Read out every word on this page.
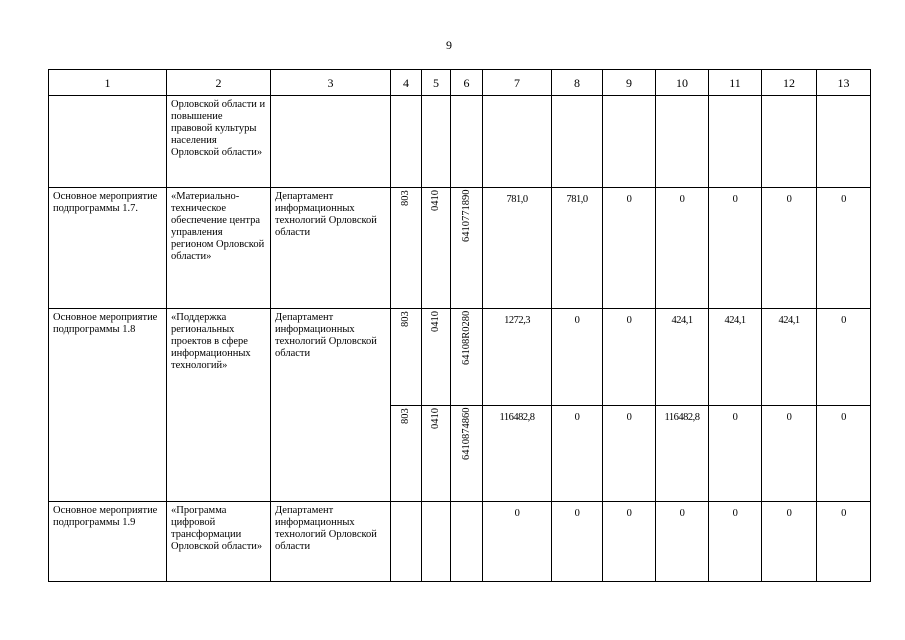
9
1	2	3	4	5	6	7	8	9	10	11	12	13
	Орловской области и повышение правовой культуры населения Орловской области»											
Основное мероприятие подпрограммы 1.7.	«Материально-техническое обеспечение центра управления регионом Орловской области»	Департамент информационных технологий Орловской области	803	0410	6410771890	781,0	781,0	0	0	0	0	0
Основное мероприятие подпрограммы 1.8	«Поддержка региональных проектов в сфере информационных технологий»	Департамент информационных технологий Орловской области	803	0410	64108R0280	1272,3	0	0	424,1	424,1	424,1	0

			803	0410	6410874860	116482,8	0	0	116482,8	0	0	0
Основное мероприятие подпрограммы 1.9	«Программа цифровой трансформации Орловской области»	Департамент информационных технологий Орловской области				0	0	0	0	0	0	0
